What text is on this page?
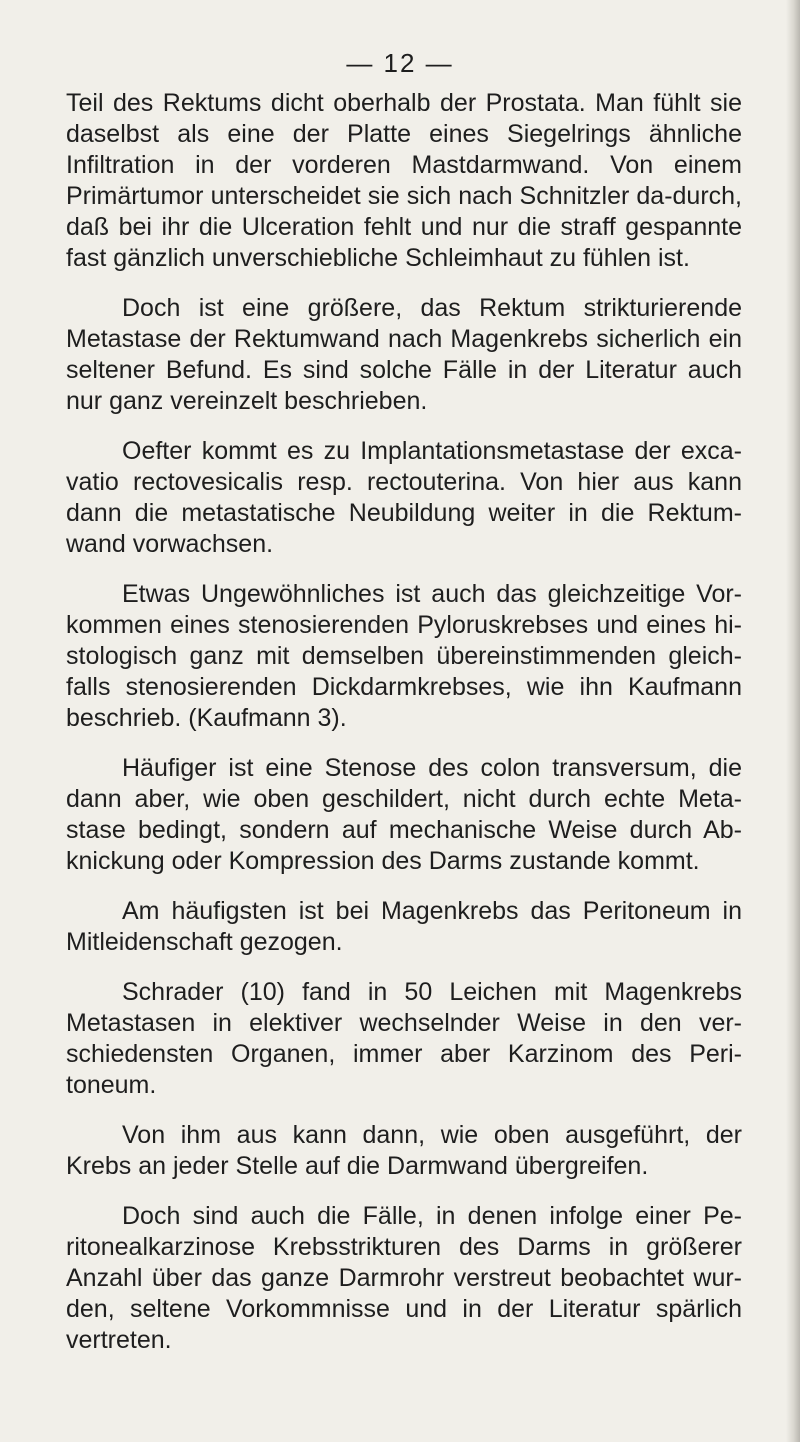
— 12 —

Teil des Rektums dicht oberhalb der Prostata. Man fühlt sie daselbst als eine der Platte eines Siegelrings ähnliche Infiltration in der vorderen Mastdarmwand. Von einem Primärtumor unterscheidet sie sich nach Schnitzler da-durch, daß bei ihr die Ulceration fehlt und nur die straff gespannte fast gänzlich unverschiebliche Schleimhaut zu fühlen ist.

Doch ist eine größere, das Rektum strikturierende Metastase der Rektumwand nach Magenkrebs sicherlich ein seltener Befund. Es sind solche Fälle in der Literatur auch nur ganz vereinzelt beschrieben.

Oefter kommt es zu Implantationsmetastase der exca-vatio rectovesicalis resp. rectouterina. Von hier aus kann dann die metastatische Neubildung weiter in die Rektum-wand vorwachsen.

Etwas Ungewöhnliches ist auch das gleichzeitige Vor-kommen eines stenosierenden Pyloruskrebses und eines hi-stologisch ganz mit demselben übereinstimmenden gleich-falls stenosierenden Dickdarmkrebses, wie ihn Kaufmann beschrieb. (Kaufmann 3).

Häufiger ist eine Stenose des colon transversum, die dann aber, wie oben geschildert, nicht durch echte Meta-stase bedingt, sondern auf mechanische Weise durch Ab-knickung oder Kompression des Darms zustande kommt.

Am häufigsten ist bei Magenkrebs das Peritoneum in Mitleidenschaft gezogen.

Schrader (10) fand in 50 Leichen mit Magenkrebs Metastasen in elektiver wechselnder Weise in den ver-schiedensten Organen, immer aber Karzinom des Peri-toneum.

Von ihm aus kann dann, wie oben ausgeführt, der Krebs an jeder Stelle auf die Darmwand übergreifen.

Doch sind auch die Fälle, in denen infolge einer Pe-ritonealkarzinose Krebsstrikturen des Darms in größerer Anzahl über das ganze Darmrohr verstreut beobachtet wur-den, seltene Vorkommnisse und in der Literatur spärlich vertreten.
